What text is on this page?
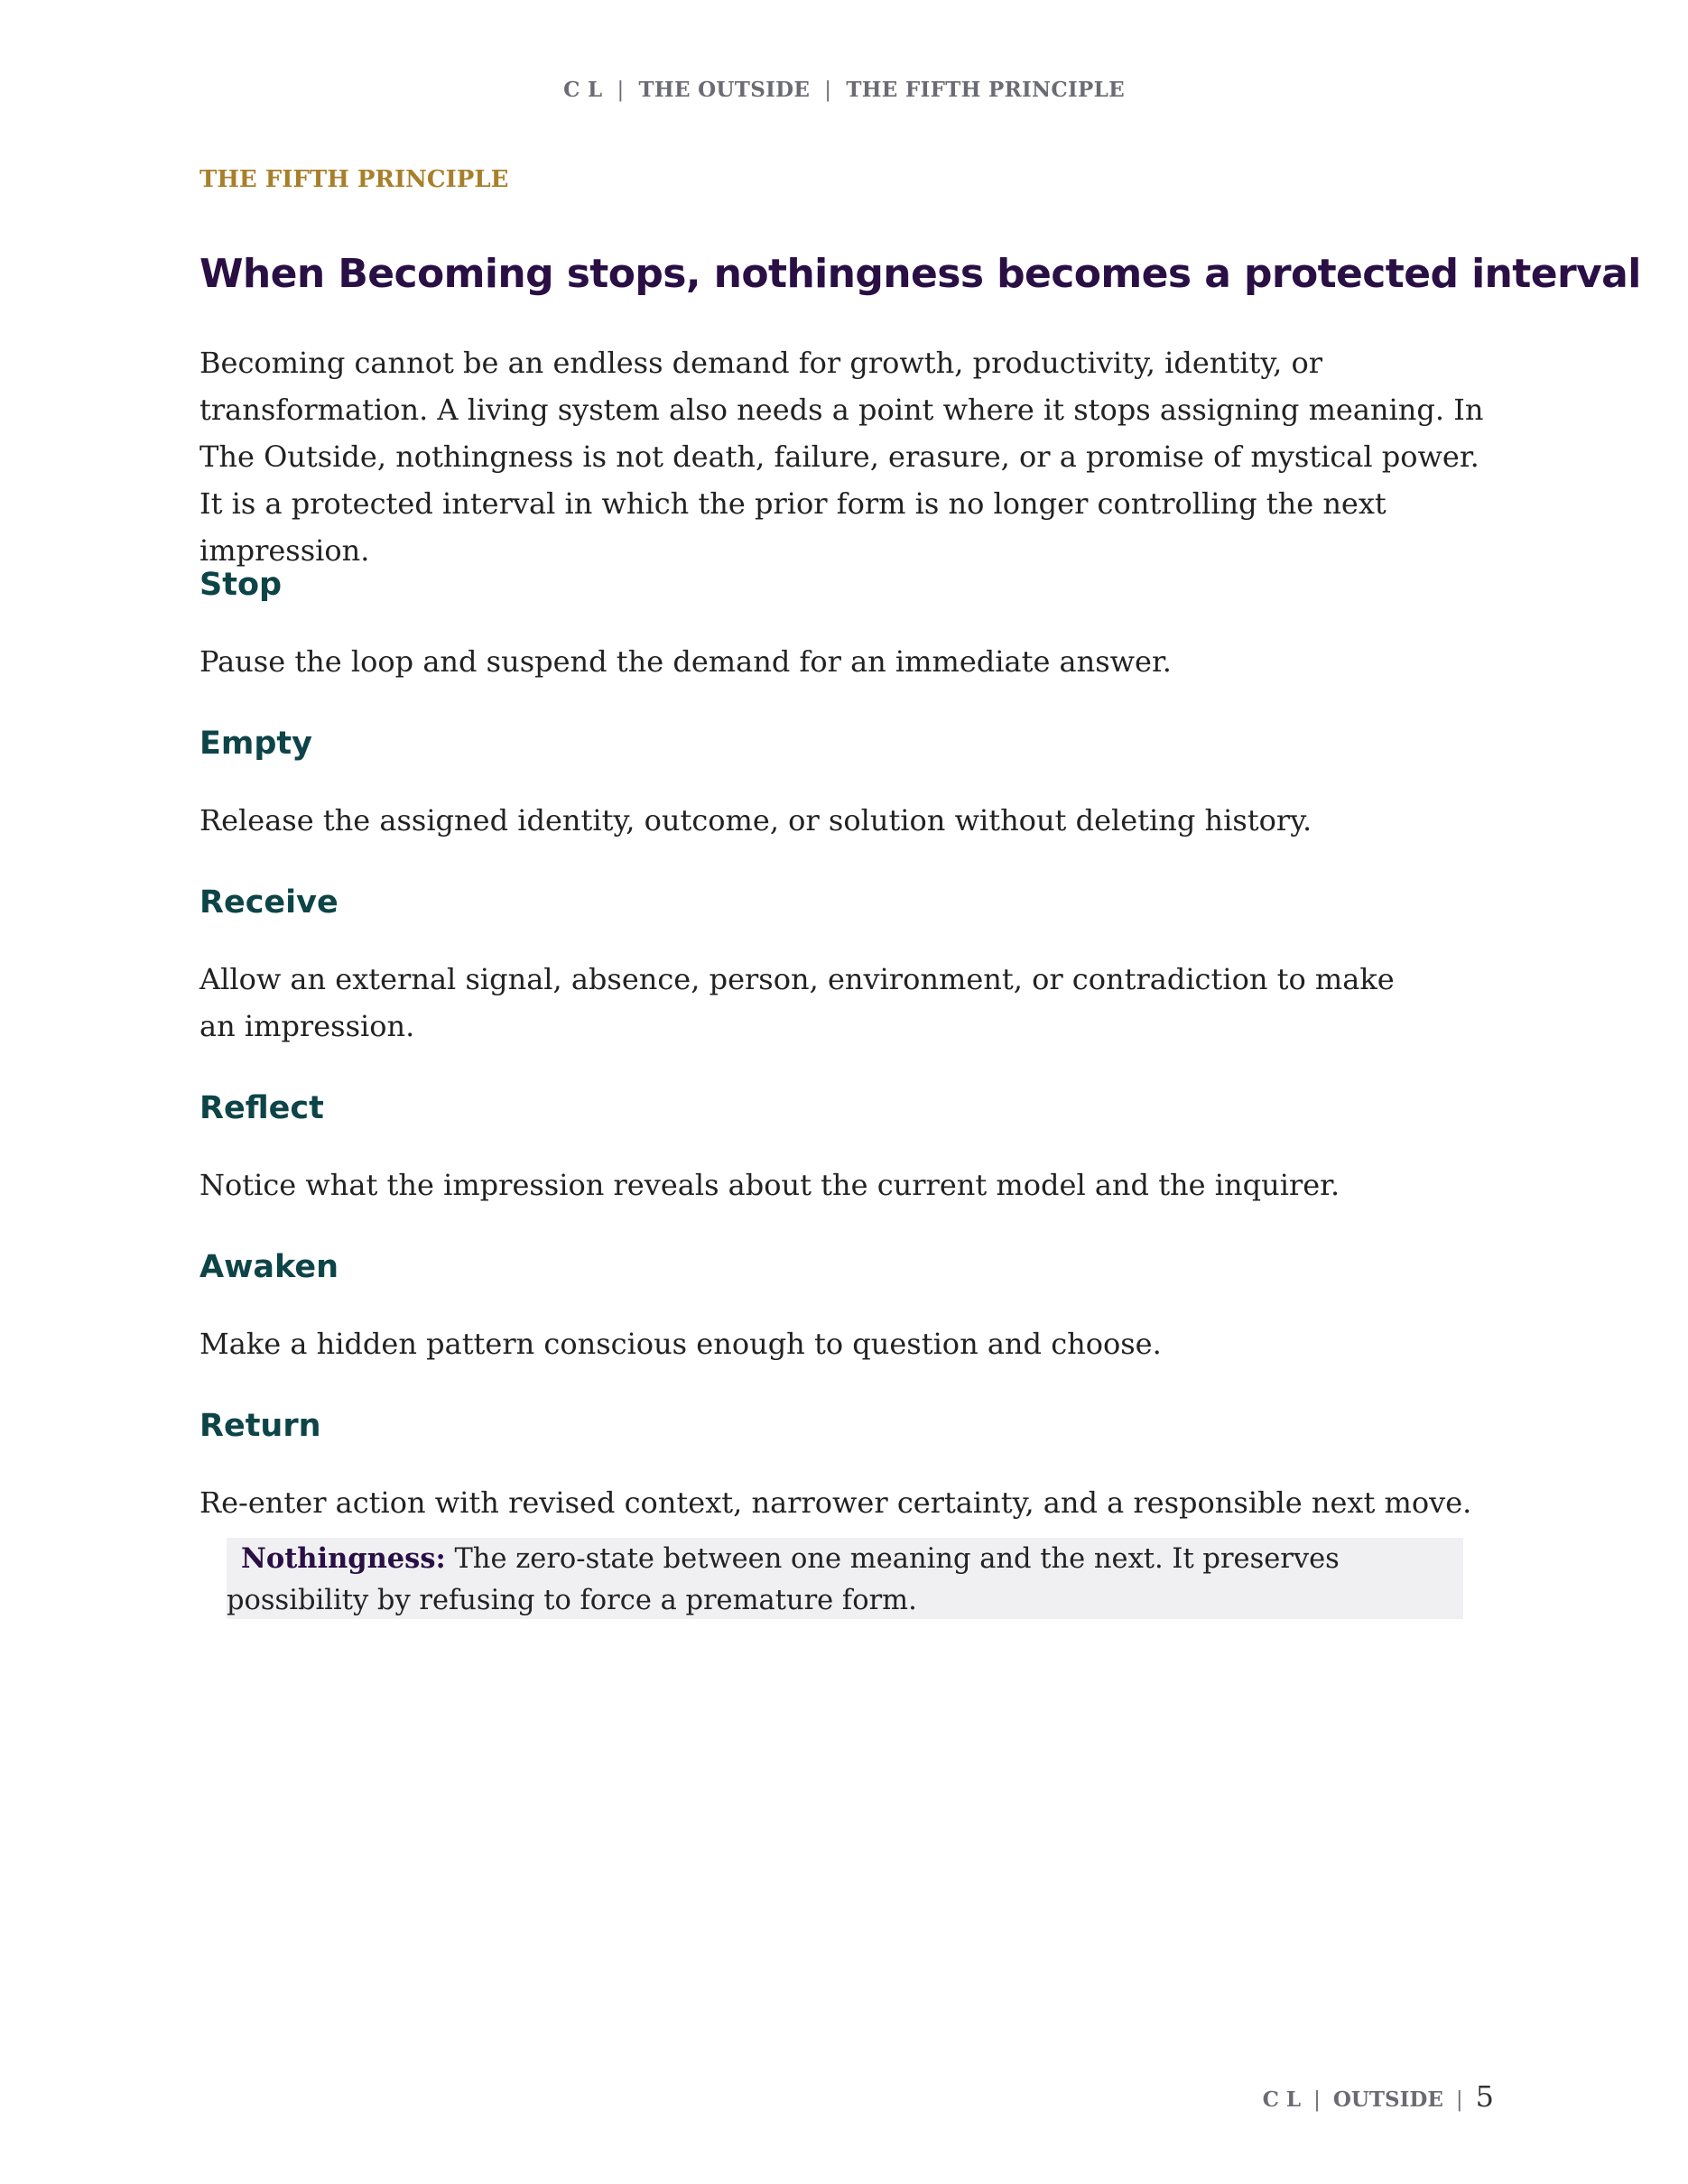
C L | THE OUTSIDE | THE FIFTH PRINCIPLE
THE FIFTH PRINCIPLE
When Becoming stops, nothingness becomes a protected interval

Becoming cannot be an endless demand for growth, productivity, identity, or transformation. A living system also needs a point where it stops assigning meaning. In The Outside, nothingness is not death, failure, erasure, or a promise of mystical power. It is a protected interval in which the prior form is no longer controlling the next impression.

Stop

Pause the loop and suspend the demand for an immediate answer.

Empty

Release the assigned identity, outcome, or solution without deleting history.

Receive

Allow an external signal, absence, person, environment, or contradiction to make an impression.

Reflect

Notice what the impression reveals about the current model and the inquirer.

Awaken

Make a hidden pattern conscious enough to question and choose.

Return

Re-enter action with revised context, narrower certainty, and a responsible next move.

Nothingness: The zero-state between one meaning and the next. It preserves possibility by refusing to force a premature form.

C L | OUTSIDE | 5
